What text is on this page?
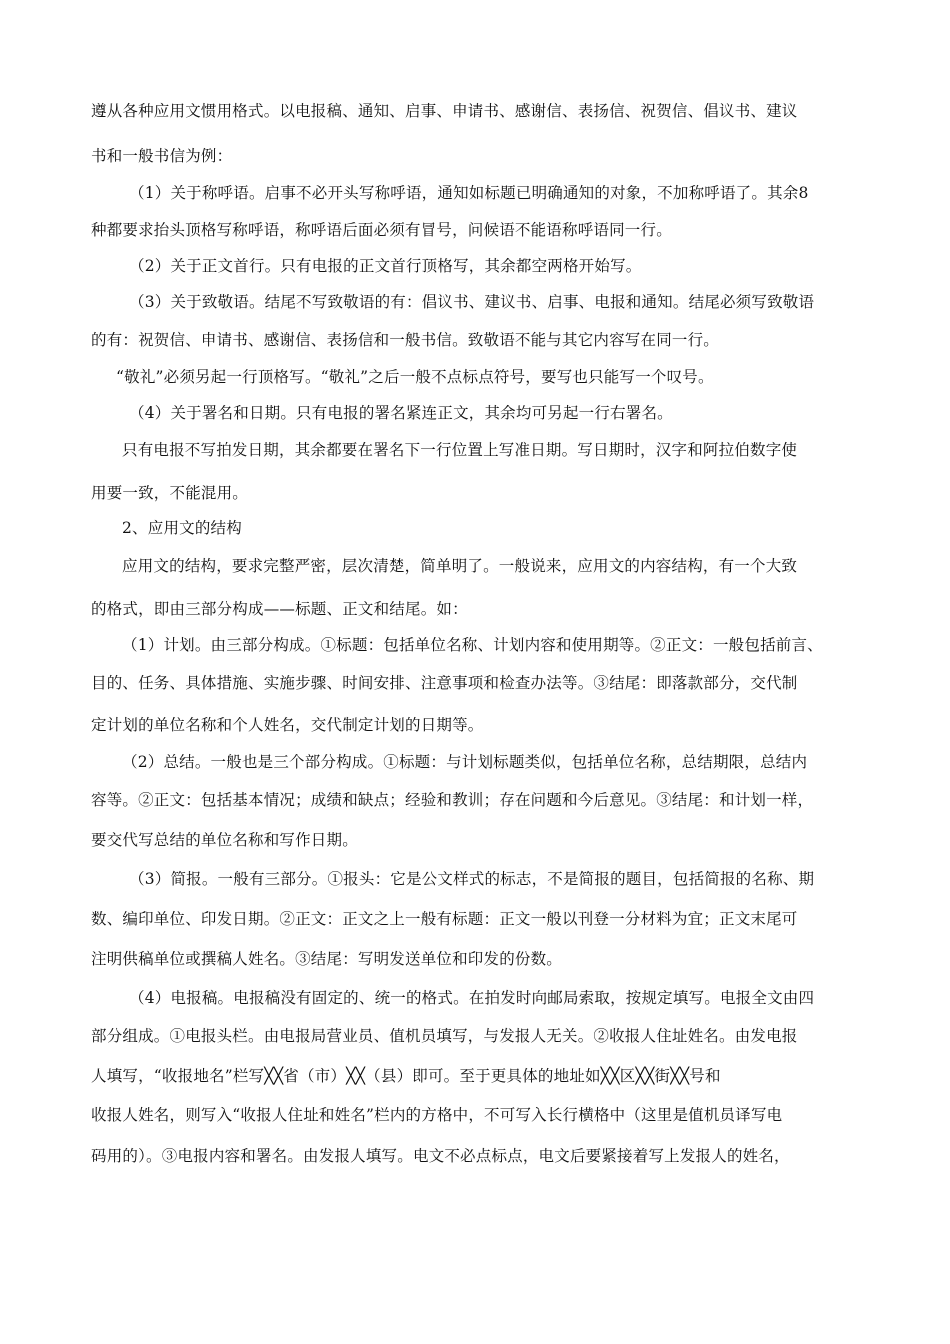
遵从各种应用文惯用格式。以电报稿、通知、启事、申请书、感谢信、表扬信、祝贺信、倡议书、建议
书和一般书信为例：
（1）关于称呼语。启事不必开头写称呼语，通知如标题已明确通知的对象，不加称呼语了。其余8
种都要求抬头顶格写称呼语，称呼语后面必须有冒号，问候语不能语称呼语同一行。
（2）关于正文首行。只有电报的正文首行顶格写，其余都空两格开始写。
（3）关于致敬语。结尾不写致敬语的有：倡议书、建议书、启事、电报和通知。结尾必须写致敬语
的有：祝贺信、申请书、感谢信、表扬信和一般书信。致敬语不能与其它内容写在同一行。
“敬礼”必须另起一行顶格写。“敬礼”之后一般不点标点符号，要写也只能写一个叹号。
（4）关于署名和日期。只有电报的署名紧连正文，其余均可另起一行右署名。
只有电报不写拍发日期，其余都要在署名下一行位置上写准日期。写日期时，汉字和阿拉伯数字使
用要一致，不能混用。
2、应用文的结构
应用文的结构，要求完整严密，层次清楚，简单明了。一般说来，应用文的内容结构，有一个大致
的格式，即由三部分构成——标题、正文和结尾。如：
（1）计划。由三部分构成。①标题：包括单位名称、计划内容和使用期等。②正文：一般包括前言、
目的、任务、具体措施、实施步骤、时间安排、注意事项和检查办法等。③结尾：即落款部分，交代制
定计划的单位名称和个人姓名，交代制定计划的日期等。
（2）总结。一般也是三个部分构成。①标题：与计划标题类似，包括单位名称，总结期限，总结内
容等。②正文：包括基本情况；成绩和缺点；经验和教训；存在问题和今后意见。③结尾：和计划一样，
要交代写总结的单位名称和写作日期。
（3）简报。一般有三部分。①报头：它是公文样式的标志，不是简报的题目，包括简报的名称、期
数、编印单位、印发日期。②正文：正文之上一般有标题：正文一般以刊登一分材料为宜；正文末尾可
注明供稿单位或撰稿人姓名。③结尾：写明发送单位和印发的份数。
（4）电报稿。电报稿没有固定的、统一的格式。在拍发时向邮局索取，按规定填写。电报全文由四
部分组成。①电报头栏。由电报局营业员、值机员填写，与发报人无关。②收报人住址姓名。由发电报
人填写，“收报地名”栏写╳╳省（市）╳╳（县）即可。至于更具体的地址如╳╳区╳╳街╳╳号和
收报人姓名，则写入“收报人住址和姓名”栏内的方格中，不可写入长行横格中（这里是值机员译写电
码用的）。③电报内容和署名。由发报人填写。电文不必点标点，电文后要紧接着写上发报人的姓名，
